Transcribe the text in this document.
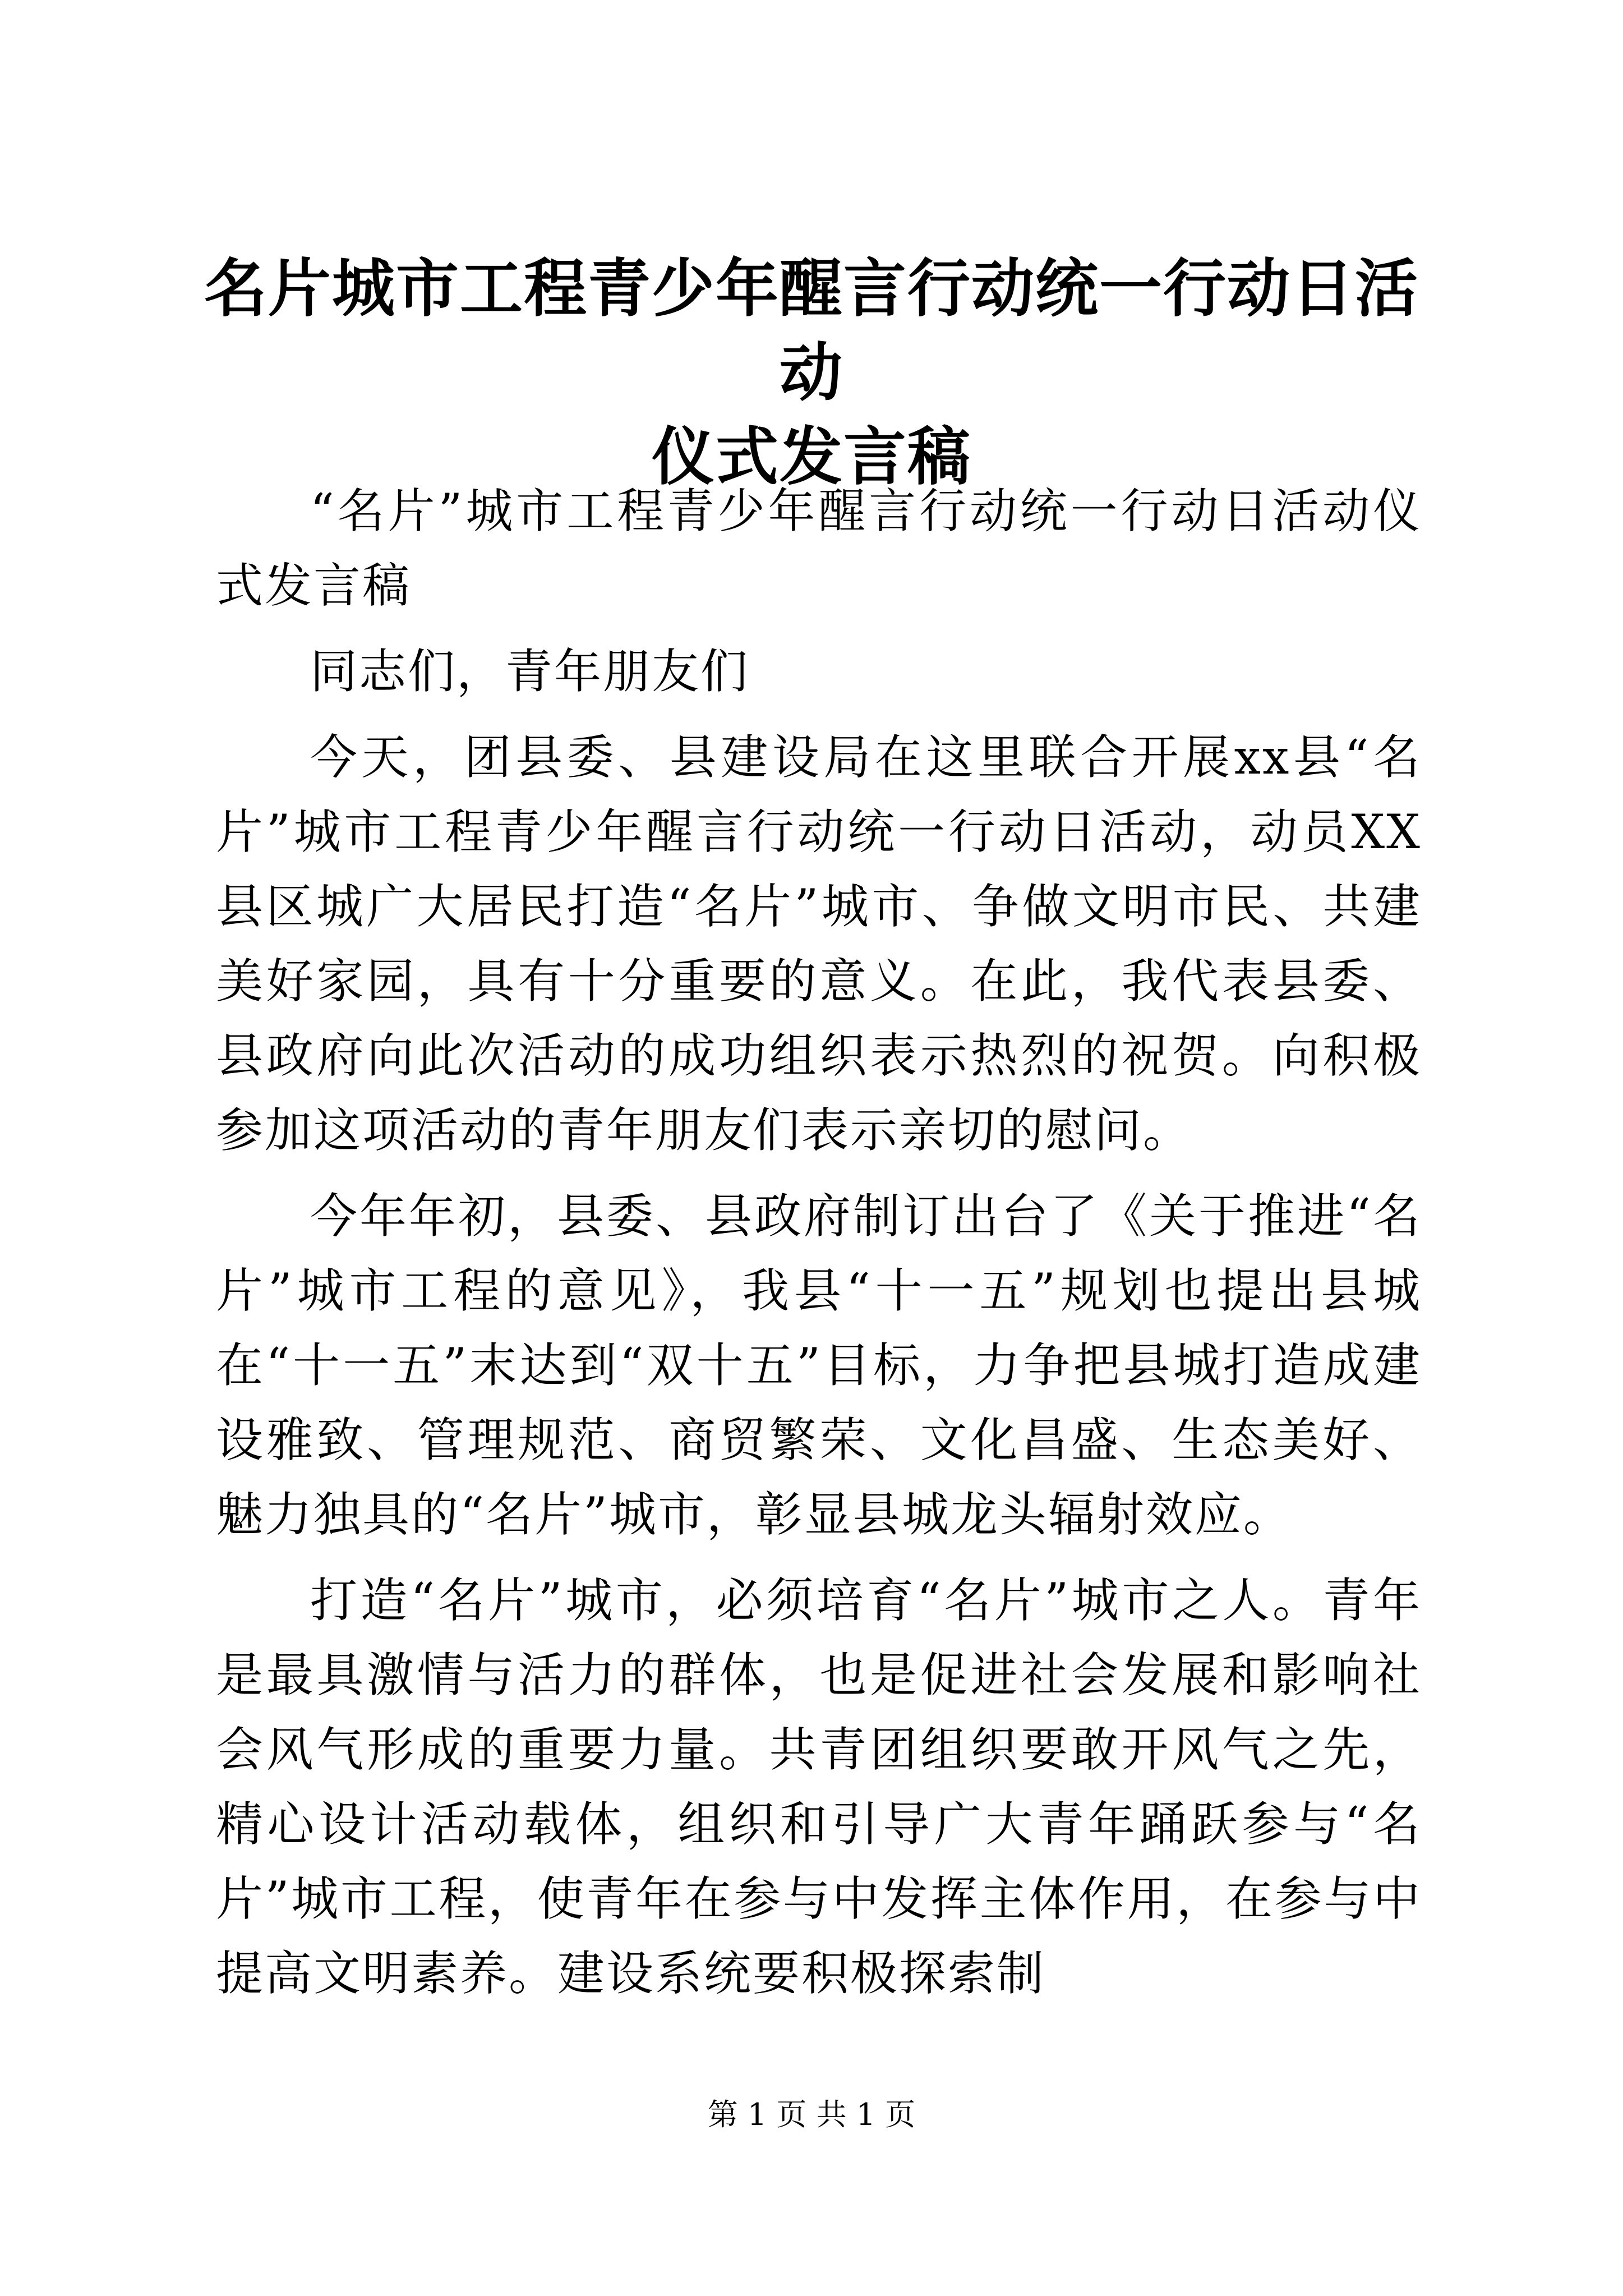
名片城市工程青少年醒言行动统一行动日活动
仪式发言稿

“名片”城市工程青少年醒言行动统一行动日活动仪式发言稿

同志们，青年朋友们

今天，团县委、县建设局在这里联合开展xx县“名片”城市工程青少年醒言行动统一行动日活动，动员XX县区城广大居民打造“名片”城市、争做文明市民、共建美好家园，具有十分重要的意义。在此，我代表县委、县政府向此次活动的成功组织表示热烈的祝贺。向积极参加这项活动的青年朋友们表示亲切的慰问。

今年年初，县委、县政府制订出台了《关于推进“名片”城市工程的意见》，我县“十一五”规划也提出县城在“十一五”末达到“双十五”目标，力争把县城打造成建设雅致、管理规范、商贸繁荣、文化昌盛、生态美好、魅力独具的“名片”城市，彰显县城龙头辐射效应。

打造“名片”城市，必须培育“名片”城市之人。青年是最具激情与活力的群体，也是促进社会发展和影响社会风气形成的重要力量。共青团组织要敢开风气之先，精心设计活动载体，组织和引导广大青年踊跃参与“名片”城市工程，使青年在参与中发挥主体作用，在参与中提高文明素养。建设系统要积极探索制

第 1 页 共 1 页
